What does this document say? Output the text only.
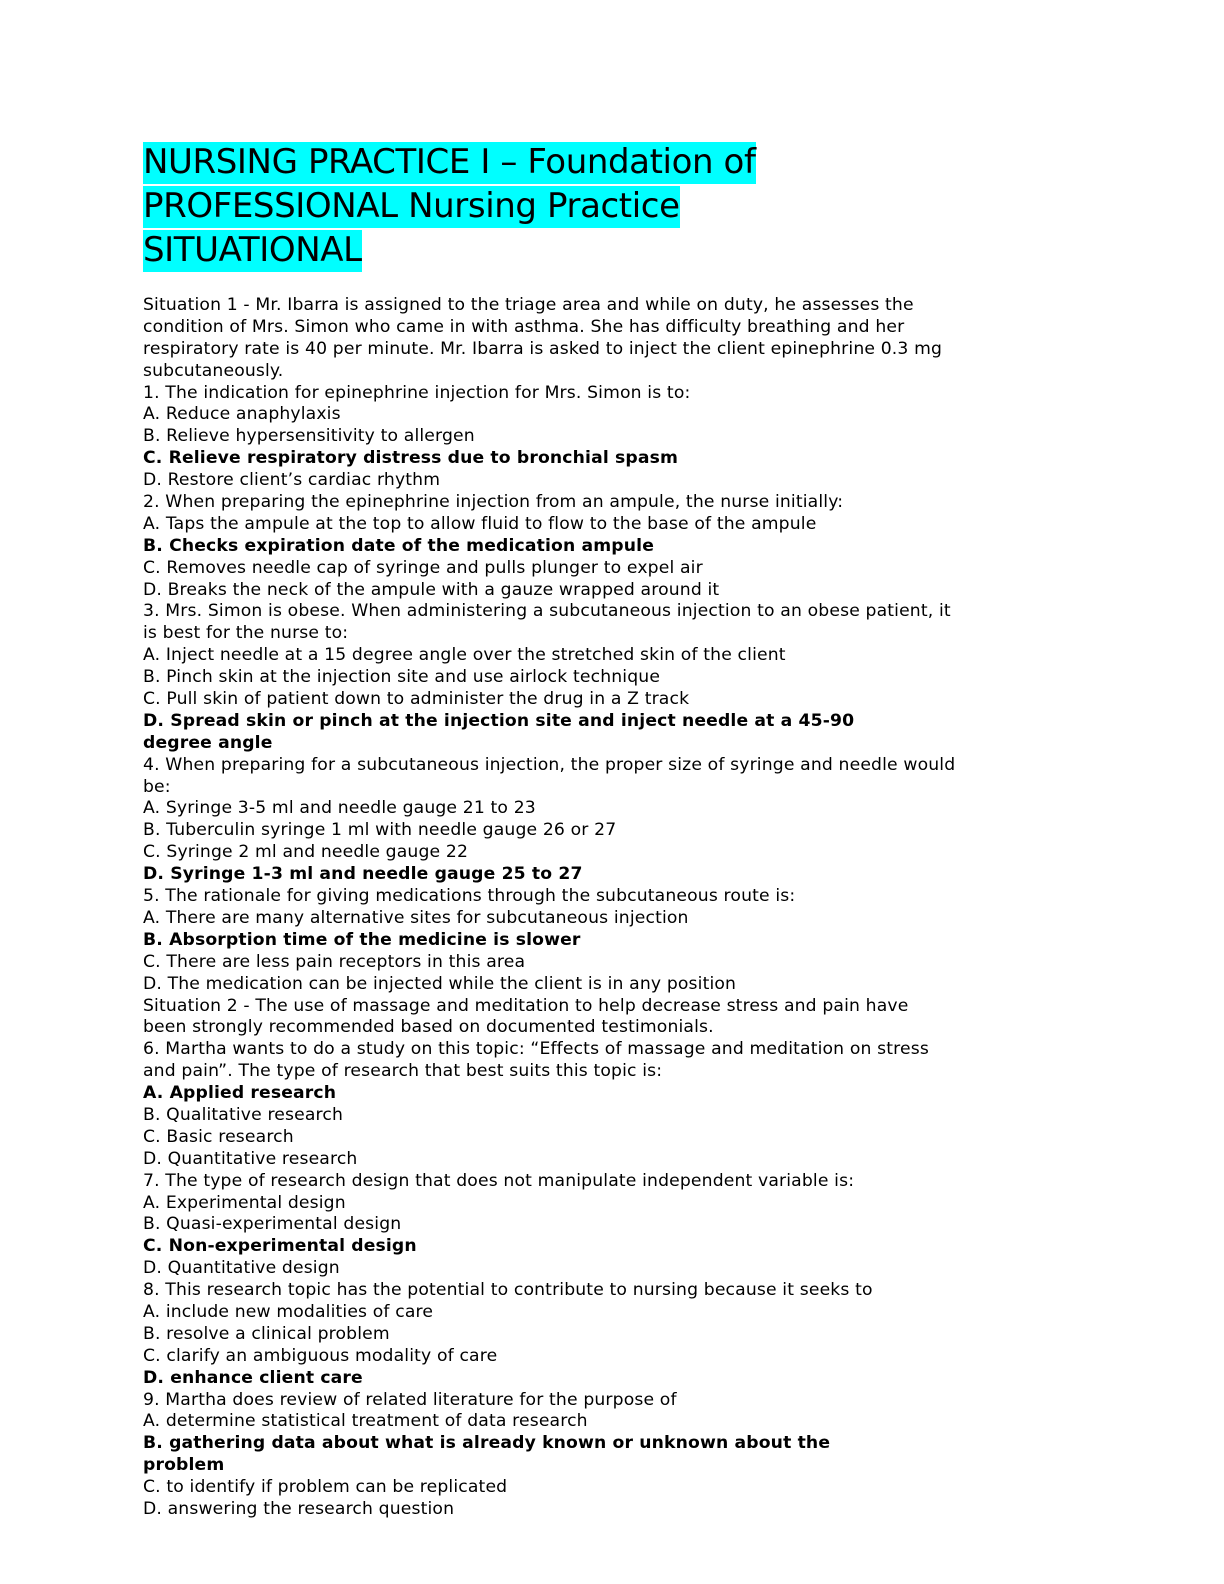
NURSING PRACTICE I – Foundation of
PROFESSIONAL Nursing Practice
SITUATIONAL
Situation 1 - Mr. Ibarra is assigned to the triage area and while on duty, he assesses the
condition of Mrs. Simon who came in with asthma. She has difficulty breathing and her
respiratory rate is 40 per minute. Mr. Ibarra is asked to inject the client epinephrine 0.3 mg
subcutaneously.
1. The indication for epinephrine injection for Mrs. Simon is to:
A. Reduce anaphylaxis
B. Relieve hypersensitivity to allergen
C. Relieve respiratory distress due to bronchial spasm
D. Restore client’s cardiac rhythm
2. When preparing the epinephrine injection from an ampule, the nurse initially:
A. Taps the ampule at the top to allow fluid to flow to the base of the ampule
B. Checks expiration date of the medication ampule
C. Removes needle cap of syringe and pulls plunger to expel air
D. Breaks the neck of the ampule with a gauze wrapped around it
3. Mrs. Simon is obese. When administering a subcutaneous injection to an obese patient, it
is best for the nurse to:
A. Inject needle at a 15 degree angle over the stretched skin of the client
B. Pinch skin at the injection site and use airlock technique
C. Pull skin of patient down to administer the drug in a Z track
D. Spread skin or pinch at the injection site and inject needle at a 45-90
degree angle
4. When preparing for a subcutaneous injection, the proper size of syringe and needle would
be:
A. Syringe 3-5 ml and needle gauge 21 to 23
B. Tuberculin syringe 1 ml with needle gauge 26 or 27
C. Syringe 2 ml and needle gauge 22
D. Syringe 1-3 ml and needle gauge 25 to 27
5. The rationale for giving medications through the subcutaneous route is:
A. There are many alternative sites for subcutaneous injection
B. Absorption time of the medicine is slower
C. There are less pain receptors in this area
D. The medication can be injected while the client is in any position
Situation 2 - The use of massage and meditation to help decrease stress and pain have
been strongly recommended based on documented testimonials.
6. Martha wants to do a study on this topic: “Effects of massage and meditation on stress
and pain”. The type of research that best suits this topic is:
A. Applied research
B. Qualitative research
C. Basic research
D. Quantitative research
7. The type of research design that does not manipulate independent variable is:
A. Experimental design
B. Quasi-experimental design
C. Non-experimental design
D. Quantitative design
8. This research topic has the potential to contribute to nursing because it seeks to
A. include new modalities of care
B. resolve a clinical problem
C. clarify an ambiguous modality of care
D. enhance client care
9. Martha does review of related literature for the purpose of
A. determine statistical treatment of data research
B. gathering data about what is already known or unknown about the
problem
C. to identify if problem can be replicated
D. answering the research question
